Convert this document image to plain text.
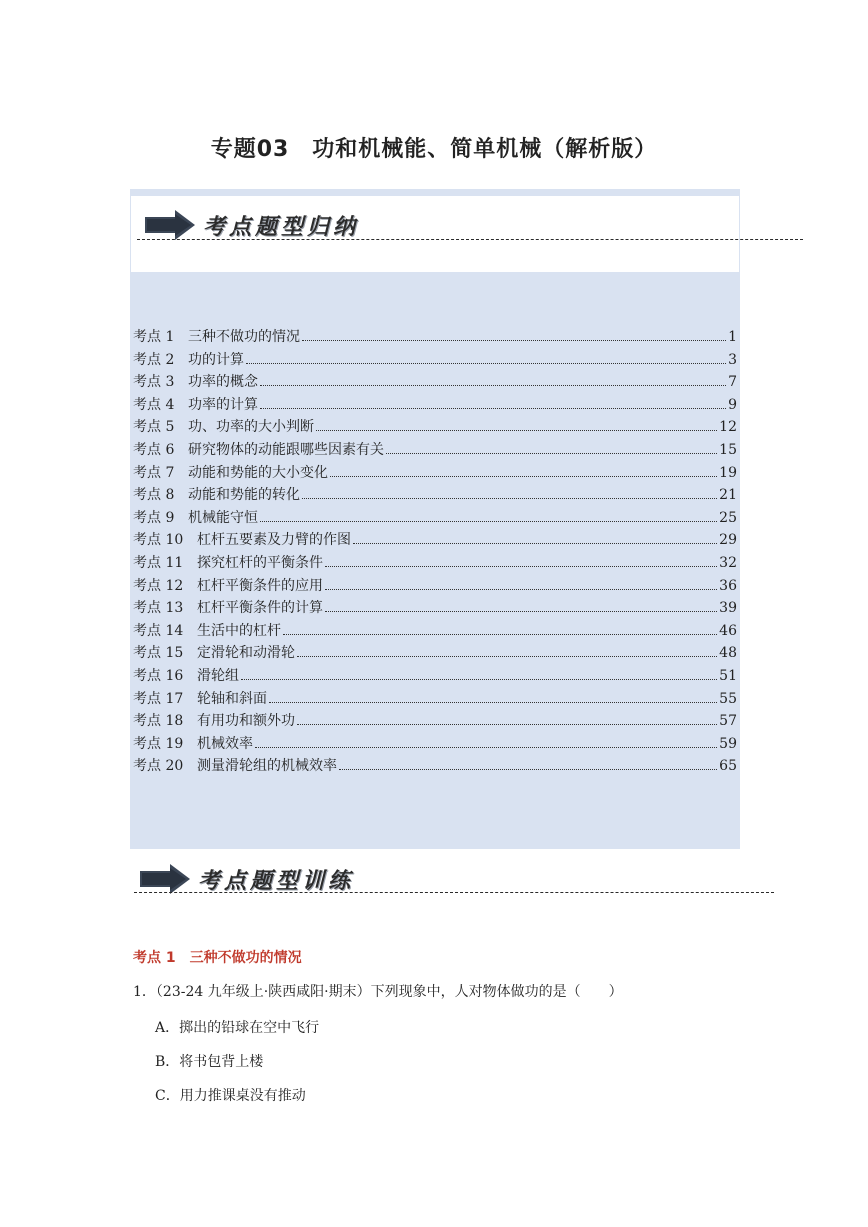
专题03　功和机械能、简单机械（解析版）
考点题型归纳
考点 1 三种不做功的情况	1
考点 2 功的计算	3
考点 3 功率的概念	7
考点 4 功率的计算	9
考点 5 功、功率的大小判断	12
考点 6 研究物体的动能跟哪些因素有关	15
考点 7 动能和势能的大小变化	19
考点 8 动能和势能的转化	21
考点 9 机械能守恒	25
考点 10 杠杆五要素及力臂的作图	29
考点 11 探究杠杆的平衡条件	32
考点 12 杠杆平衡条件的应用	36
考点 13 杠杆平衡条件的计算	39
考点 14 生活中的杠杆	46
考点 15 定滑轮和动滑轮	48
考点 16 滑轮组	51
考点 17 轮轴和斜面	55
考点 18 有用功和额外功	57
考点 19 机械效率	59
考点 20 测量滑轮组的机械效率	65
考点题型训练
考点 1 三种不做功的情况
1．（23-24 九年级上·陕西咸阳·期末）下列现象中，人对物体做功的是（　　）
A．掷出的铅球在空中飞行
B．将书包背上楼
C．用力推课桌没有推动
